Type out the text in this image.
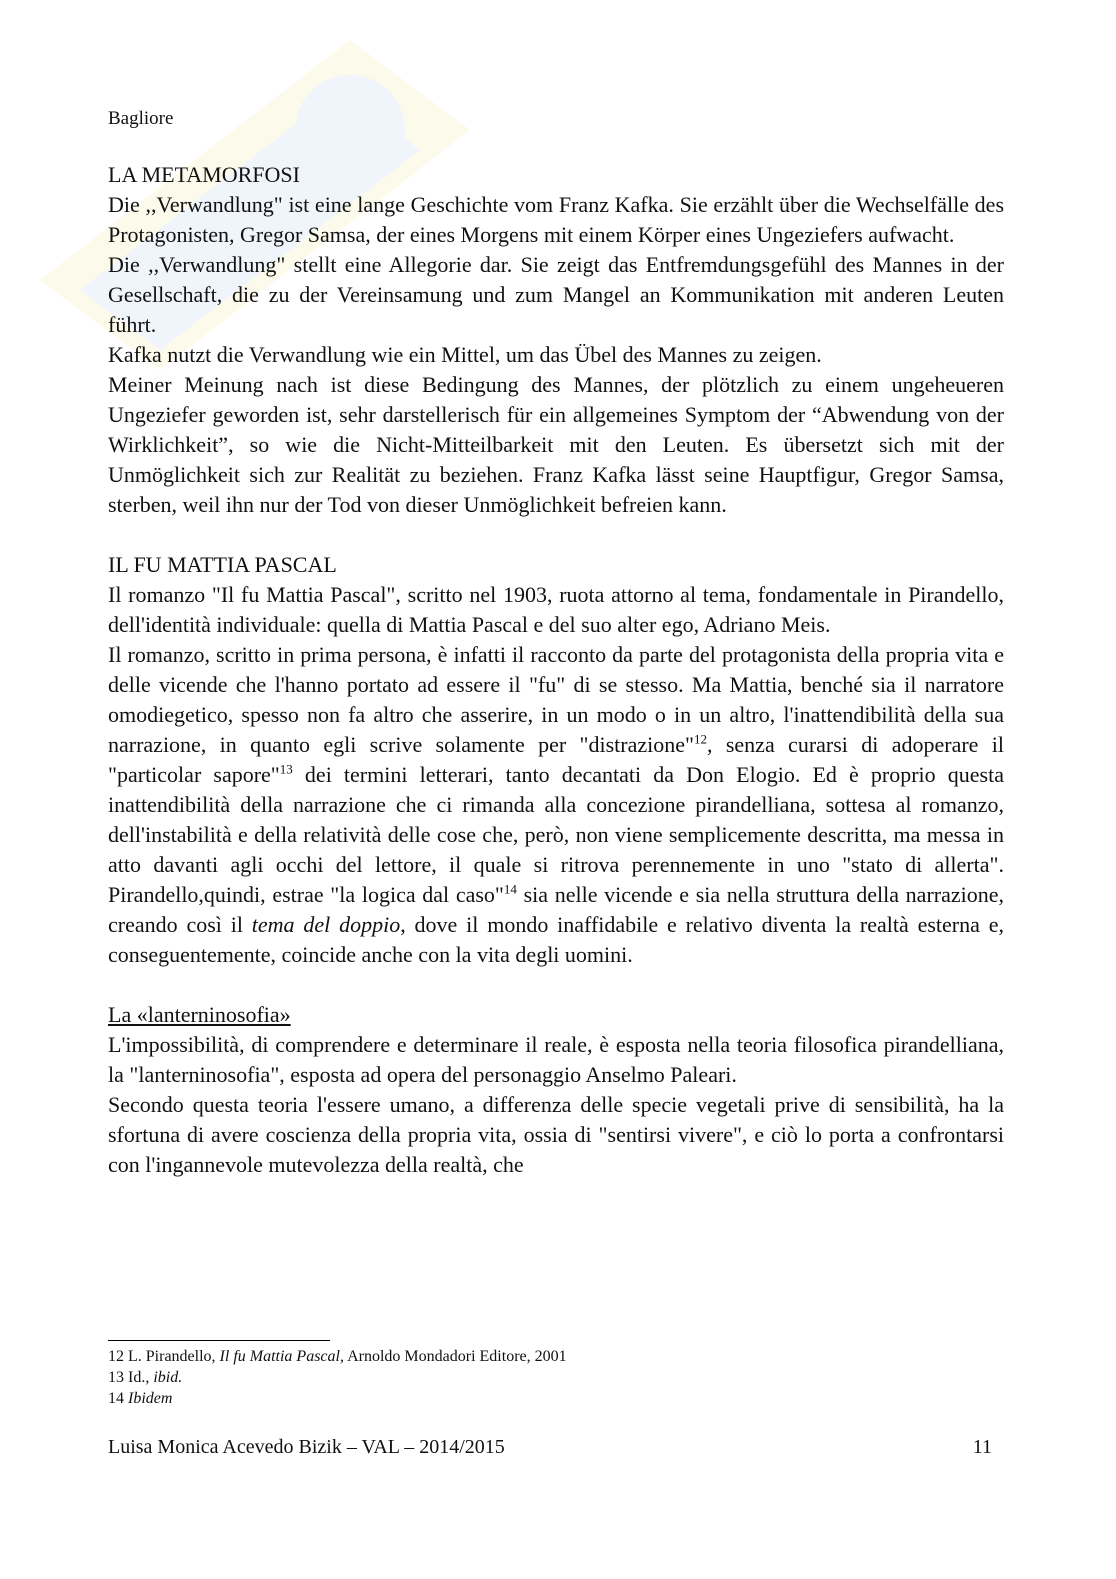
Bagliore
LA METAMORFOSI

Die ,,Verwandlung" ist eine lange Geschichte vom Franz Kafka. Sie erzählt über die Wechselfälle des Protagonisten, Gregor Samsa, der eines Morgens mit einem Körper eines Ungeziefers aufwacht.

Die ,,Verwandlung" stellt eine Allegorie dar. Sie zeigt das Entfremdungsgefühl des Mannes in der Gesellschaft, die zu der Vereinsamung und zum Mangel an Kommunikation mit anderen Leuten führt.

Kafka nutzt die Verwandlung wie ein Mittel, um das Übel des Mannes zu zeigen.

Meiner Meinung nach ist diese Bedingung des Mannes, der plötzlich zu einem ungeheueren Ungeziefer geworden ist, sehr darstellerisch für ein allgemeines Symptom der “Abwendung von der Wirklichkeit”, so wie die Nicht-Mitteilbarkeit mit den Leuten. Es übersetzt sich mit der Unmöglichkeit sich zur Realität zu beziehen. Franz Kafka lässt seine Hauptfigur, Gregor Samsa, sterben, weil ihn nur der Tod von dieser Unmöglichkeit befreien kann.

IL FU MATTIA PASCAL

Il romanzo "Il fu Mattia Pascal", scritto nel 1903, ruota attorno al tema, fondamentale in Pirandello, dell'identità individuale: quella di Mattia Pascal e del suo alter ego, Adriano Meis.

Il romanzo, scritto in prima persona, è infatti il racconto da parte del protagonista della propria vita e delle vicende che l'hanno portato ad essere il "fu" di se stesso. Ma Mattia, benché sia il narratore omodiegetico, spesso non fa altro che asserire, in un modo o in un altro, l'inattendibilità della sua narrazione, in quanto egli scrive solamente per "distrazione"$^{12}$, senza curarsi di adoperare il "particolar sapore"$^{13}$ dei termini letterari, tanto decantati da Don Elogio. Ed è proprio questa inattendibilità della narrazione che ci rimanda alla concezione pirandelliana, sottesa al romanzo, dell'instabilità e della relatività delle cose che, però, non viene semplicemente descritta, ma messa in atto davanti agli occhi del lettore, il quale si ritrova perennemente in uno "stato di allerta". Pirandello,quindi, estrae "la logica dal caso"$^{14}$ sia nelle vicende e sia nella struttura della narrazione, creando così il tema del doppio, dove il mondo inaffidabile e relativo diventa la realtà esterna e, conseguentemente, coincide anche con la vita degli uomini.

La «lanterninosofia»

L'impossibilità, di comprendere e determinare il reale, è esposta nella teoria filosofica pirandelliana, la "lanterninosofia", esposta ad opera del personaggio Anselmo Paleari.

Secondo questa teoria l'essere umano, a differenza delle specie vegetali prive di sensibilità, ha la sfortuna di avere coscienza della propria vita, ossia di "sentirsi vivere", e ciò lo porta a confrontarsi con l'ingannevole mutevolezza della realtà, che

12 L. Pirandello, Il fu Mattia Pascal, Arnoldo Mondadori Editore, 2001
13 Id., ibid.
14 Ibidem
Luisa Monica Acevedo Bizik – VAL – 2014/2015	11
